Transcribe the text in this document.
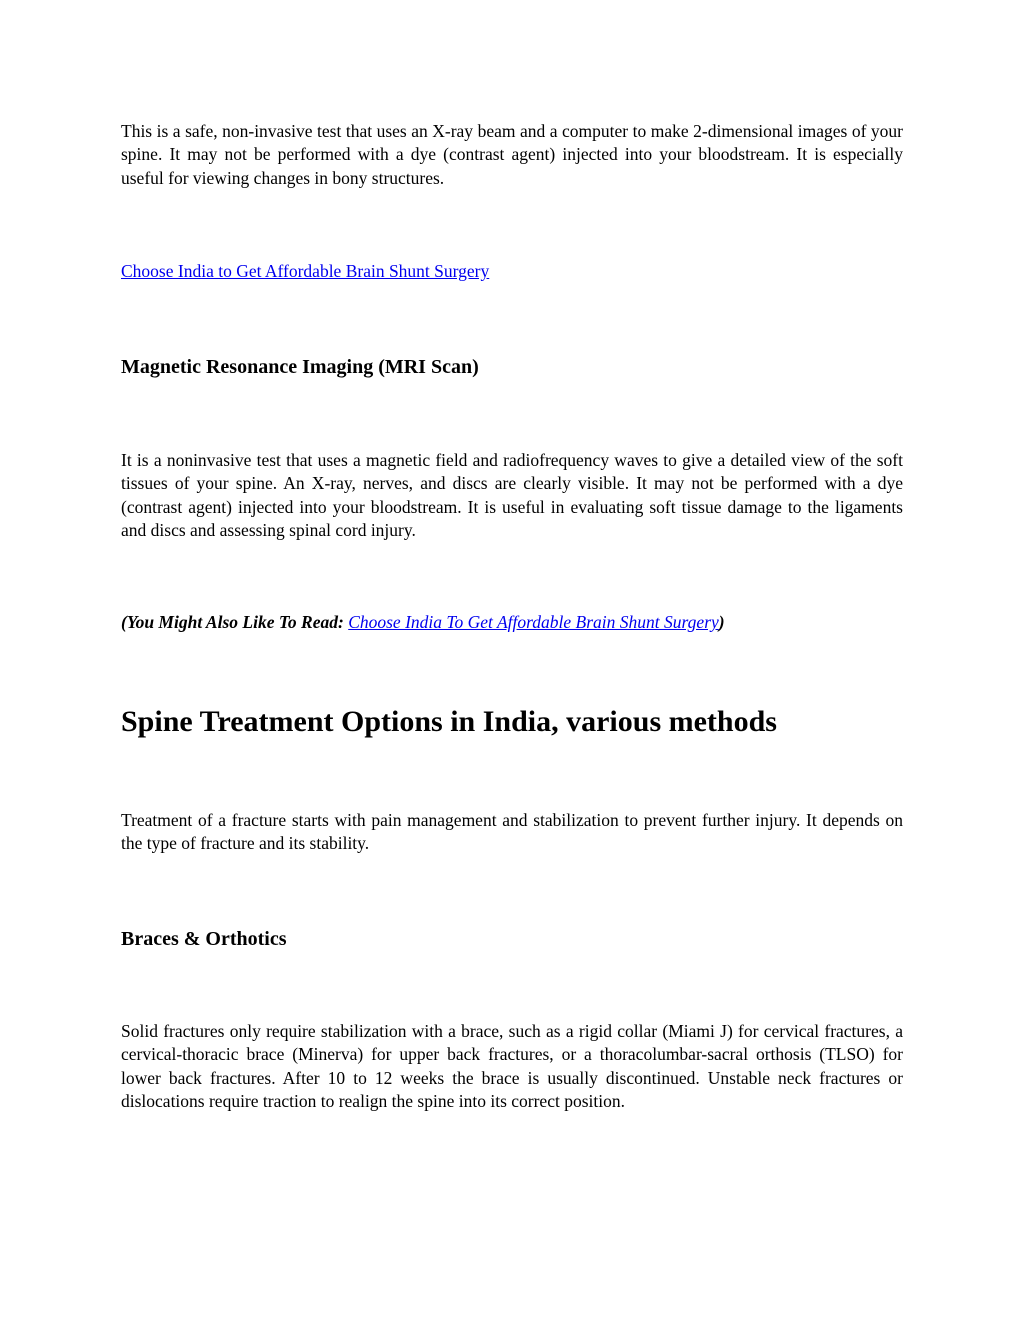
This is a safe, non-invasive test that uses an X-ray beam and a computer to make 2-dimensional images of your spine. It may not be performed with a dye (contrast agent) injected into your bloodstream. It is especially useful for viewing changes in bony structures.

Choose India to Get Affordable Brain Shunt Surgery

Magnetic Resonance Imaging (MRI Scan)

It is a noninvasive test that uses a magnetic field and radiofrequency waves to give a detailed view of the soft tissues of your spine. An X-ray, nerves, and discs are clearly visible. It may not be performed with a dye (contrast agent) injected into your bloodstream. It is useful in evaluating soft tissue damage to the ligaments and discs and assessing spinal cord injury.

(You Might Also Like To Read: Choose India To Get Affordable Brain Shunt Surgery)

Spine Treatment Options in India, various methods

Treatment of a fracture starts with pain management and stabilization to prevent further injury. It depends on the type of fracture and its stability.

Braces & Orthotics

Solid fractures only require stabilization with a brace, such as a rigid collar (Miami J) for cervical fractures, a cervical-thoracic brace (Minerva) for upper back fractures, or a thoracolumbar-sacral orthosis (TLSO) for lower back fractures. After 10 to 12 weeks the brace is usually discontinued. Unstable neck fractures or dislocations require traction to realign the spine into its correct position.
